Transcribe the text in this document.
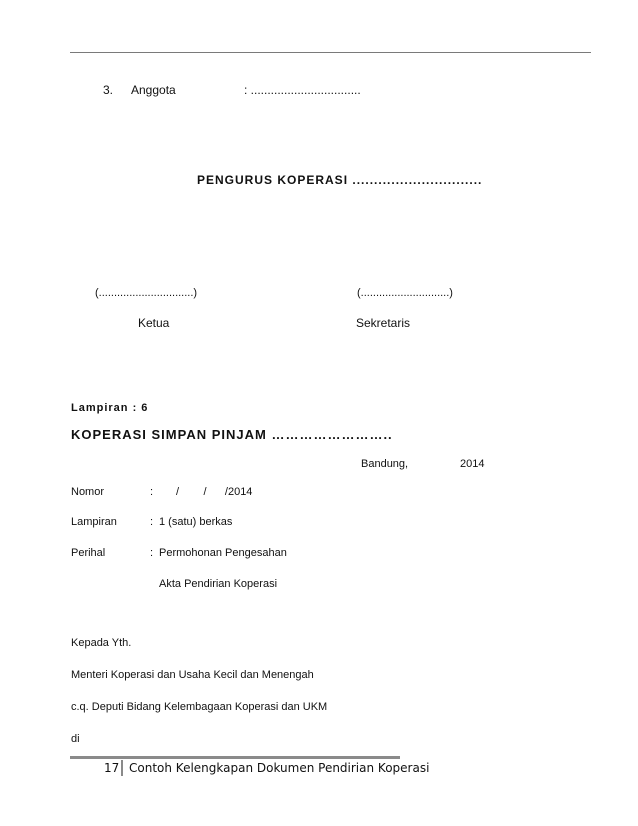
3. Anggota	: .................................
PENGURUS KOPERASI ..............................
(...............................)
Ketua
(.............................)
Sekretaris
Lampiran : 6
KOPERASI SIMPAN PINJAM ……………………..
Bandung,	2014
Nomor	: /        /      /2014
Lampiran	: 1 (satu) berkas
Perihal	: Permohonan Pengesahan
Akta Pendirian Koperasi
Kepada Yth.
Menteri Koperasi dan Usaha Kecil dan Menengah
c.q. Deputi Bidang Kelembagaan Koperasi dan UKM
di
17 Contoh Kelengkapan Dokumen Pendirian Koperasi
